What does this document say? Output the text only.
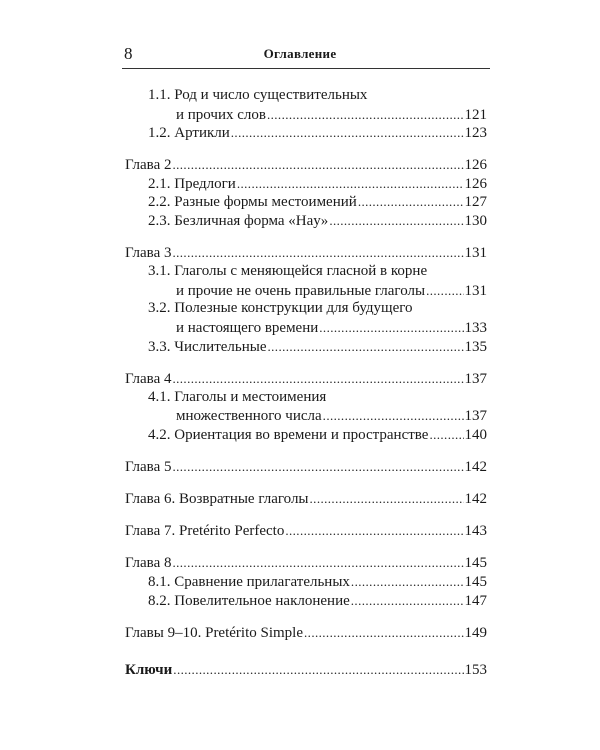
8	Оглавление
1.1. Род и число существительных
и прочих слов .....	121
1.2. Артикли .....	123
Глава 2 .....	126
2.1. Предлоги .....	126
2.2. Разные формы местоимений .....	127
2.3. Безличная форма «Hay» .....	130
Глава 3 .....	131
3.1. Глаголы с меняющейся гласной в корне
и прочие не очень правильные глаголы .....	131
3.2. Полезные конструкции для будущего
и настоящего времени .....	133
3.3. Числительные .....	135
Глава 4 .....	137
4.1. Глаголы и местоимения
множественного числа .....	137
4.2. Ориентация во времени и пространстве ..... 140
Глава 5 .....	142
Глава 6. Возвратные глаголы .....	142
Глава 7. Pretérito Perfecto .....	143
Глава 8 .....	145
8.1. Сравнение прилагательных .....	145
8.2. Повелительное наклонение .....	147
Главы 9–10. Pretérito Simple .....	149
Ключи .....	153
